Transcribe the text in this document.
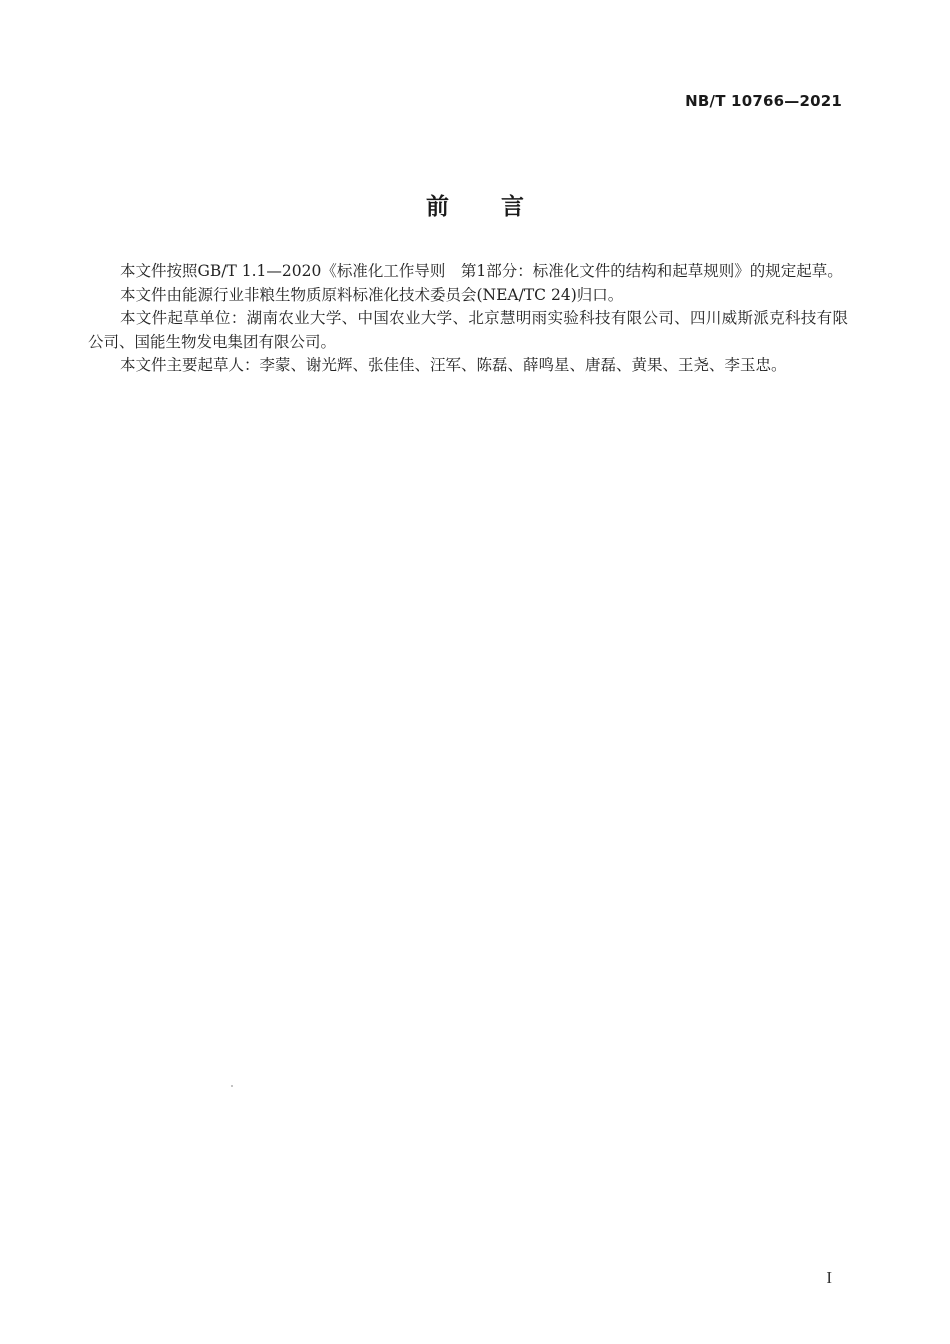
NB/T 10766—2021
前言

本文件按照GB/T 1.1—2020《标准化工作导则　第1部分：标准化文件的结构和起草规则》的规定起草。

本文件由能源行业非粮生物质原料标准化技术委员会(NEA/TC 24)归口。

本文件起草单位：湖南农业大学、中国农业大学、北京慧明雨实验科技有限公司、四川威斯派克科技有限公司、国能生物发电集团有限公司。

本文件主要起草人：李蒙、谢光辉、张佳佳、汪军、陈磊、薛鸣星、唐磊、黄果、王尧、李玉忠。

I
